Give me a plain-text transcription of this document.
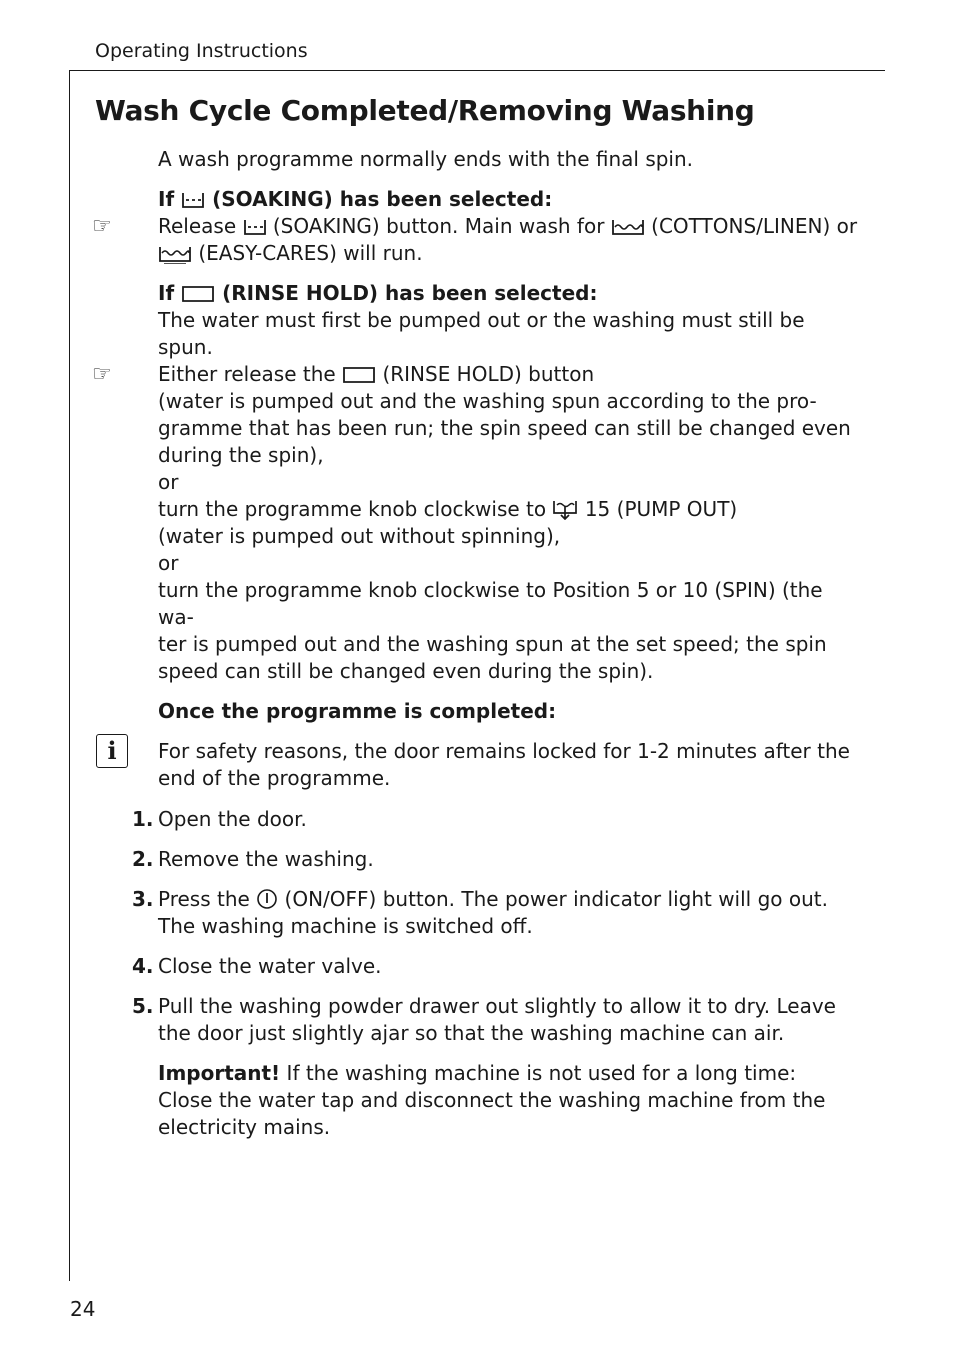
Operating Instructions
Wash Cycle Completed/Removing Washing

A wash programme normally ends with the final spin.

If (SOAKING) has been selected:

☞ Release (SOAKING) button. Main wash for (COTTONS/LINEN) or
(EASY-CARES) will run.

If (RINSE HOLD) has been selected:

The water must first be pumped out or the washing must still be spun.

☞ Either release the (RINSE HOLD) button
(water is pumped out and the washing spun according to the pro-
gramme that has been run; the spin speed can still be changed even
during the spin),
or
turn the programme knob clockwise to 15 (PUMP OUT)
(water is pumped out without spinning),
or
turn the programme knob clockwise to Position 5 or 10 (SPIN) (the wa-
ter is pumped out and the washing spun at the set speed; the spin
speed can still be changed even during the spin).

Once the programme is completed:

i	For safety reasons, the door remains locked for 1-2 minutes after the
end of the programme.

1. Open the door.
2. Remove the washing.
3. Press the (ON/OFF) button. The power indicator light will go out.
The washing machine is switched off.
4. Close the water valve.
5. Pull the washing powder drawer out slightly to allow it to dry. Leave
the door just slightly ajar so that the washing machine can air.

Important! If the washing machine is not used for a long time:
Close the water tap and disconnect the washing machine from the
electricity mains.

24
